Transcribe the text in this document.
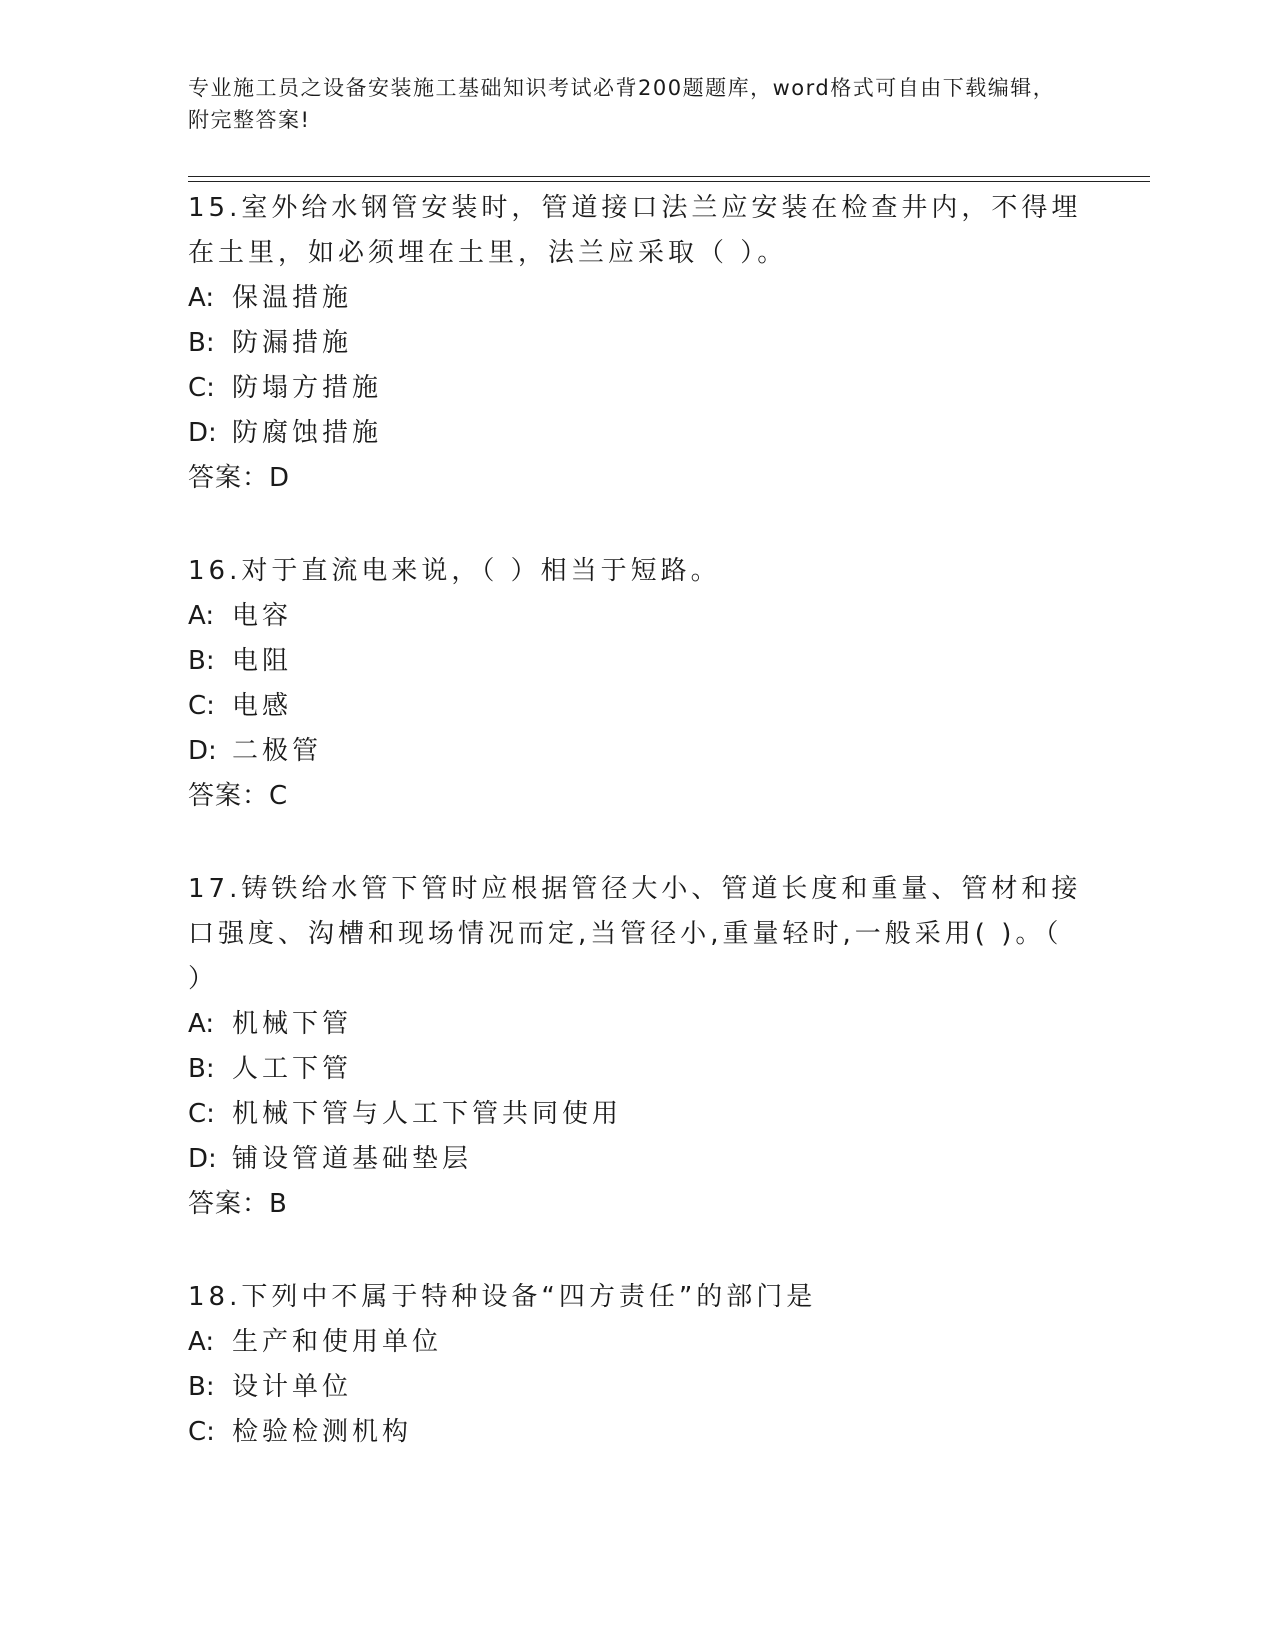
专业施工员之设备安装施工基础知识考试必背200题题库，word格式可自由下载编辑，附完整答案!

15.室外给水钢管安装时，管道接口法兰应安装在检查井内，不得埋在土里，如必须埋在土里，法兰应采取（ ）。

A: 保温措施
B: 防漏措施
C: 防塌方措施
D: 防腐蚀措施
答案：D

16.对于直流电来说，（ ）相当于短路。

A: 电容
B: 电阻
C: 电感
D: 二极管
答案：C

17.铸铁给水管下管时应根据管径大小、管道长度和重量、管材和接口强度、沟槽和现场情况而定,当管径小,重量轻时,一般采用( )。（ ）

A: 机械下管
B: 人工下管
C: 机械下管与人工下管共同使用
D: 铺设管道基础垫层
答案：B

18.下列中不属于特种设备“四方责任”的部门是

A: 生产和使用单位
B: 设计单位
C: 检验检测机构
